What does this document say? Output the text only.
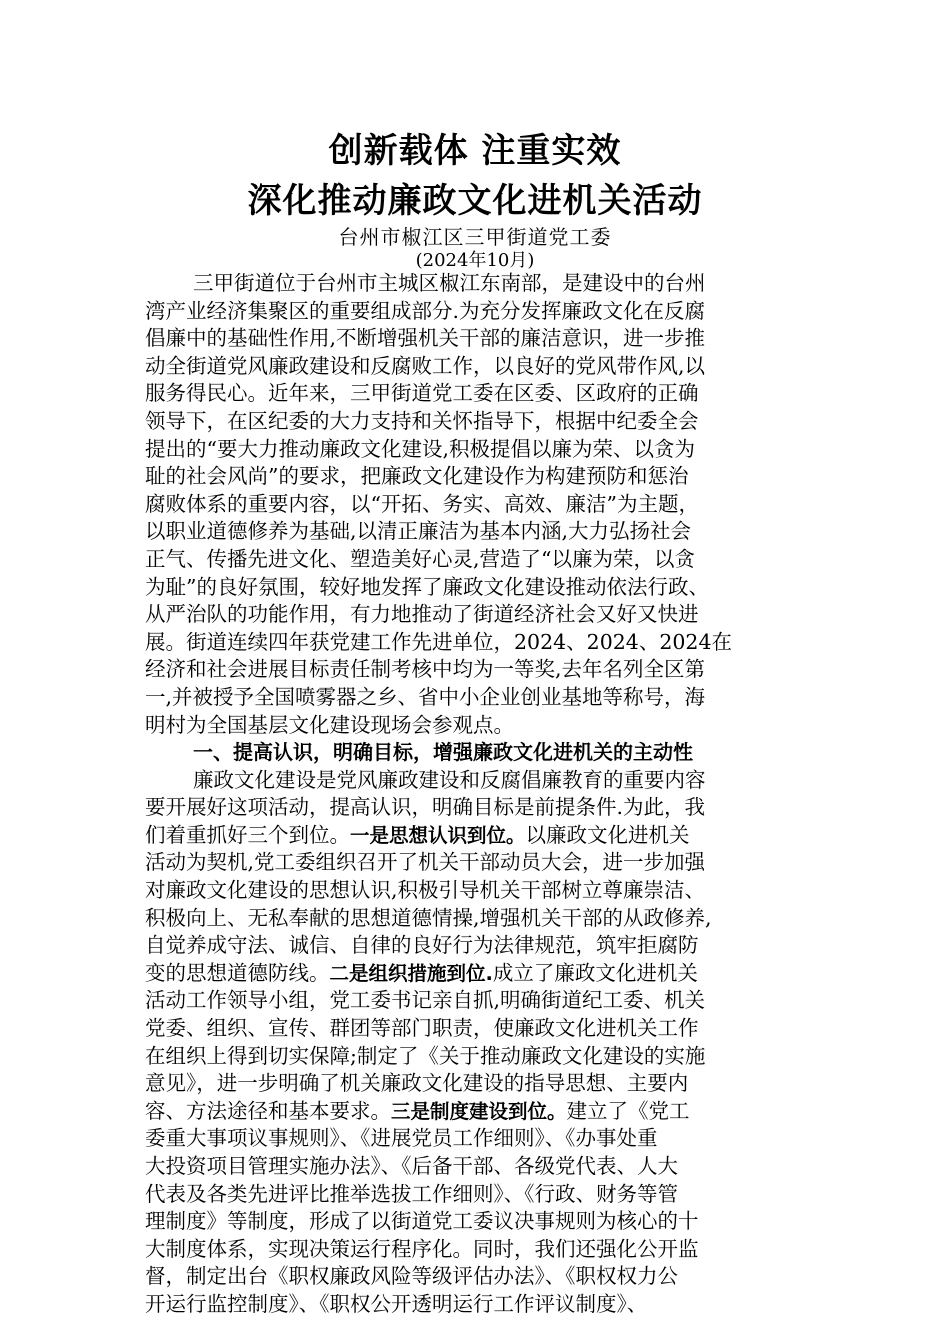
创新载体 注重实效
深化推动廉政文化进机关活动
台州市椒江区三甲街道党工委
(2024年10月)
三甲街道位于台州市主城区椒江东南部，是建设中的台州
湾产业经济集聚区的重要组成部分.为充分发挥廉政文化在反腐
倡廉中的基础性作用,不断增强机关干部的廉洁意识，进一步推
动全街道党风廉政建设和反腐败工作，以良好的党风带作风,以
服务得民心。近年来，三甲街道党工委在区委、区政府的正确
领导下，在区纪委的大力支持和关怀指导下，根据中纪委全会
提出的“要大力推动廉政文化建设,积极提倡以廉为荣、以贪为
耻的社会风尚”的要求，把廉政文化建设作为构建预防和惩治
腐败体系的重要内容，以“开拓、务实、高效、廉洁”为主题，
以职业道德修养为基础,以清正廉洁为基本内涵,大力弘扬社会
正气、传播先进文化、塑造美好心灵,营造了“以廉为荣，以贪
为耻”的良好氛围，较好地发挥了廉政文化建设推动依法行政、
从严治队的功能作用，有力地推动了街道经济社会又好又快进
展。街道连续四年获党建工作先进单位，2024、2024、2024在
经济和社会进展目标责任制考核中均为一等奖,去年名列全区第
一,并被授予全国喷雾器之乡、省中小企业创业基地等称号，海
明村为全国基层文化建设现场会参观点。
一、提高认识，明确目标，增强廉政文化进机关的主动性
廉政文化建设是党风廉政建设和反腐倡廉教育的重要内容
要开展好这项活动，提高认识，明确目标是前提条件.为此，我
们着重抓好三个到位。一是思想认识到位。以廉政文化进机关
活动为契机,党工委组织召开了机关干部动员大会，进一步加强
对廉政文化建设的思想认识,积极引导机关干部树立尊廉崇洁、
积极向上、无私奉献的思想道德情操,增强机关干部的从政修养,
自觉养成守法、诚信、自律的良好行为法律规范，筑牢拒腐防
变的思想道德防线。二是组织措施到位.成立了廉政文化进机关
活动工作领导小组，党工委书记亲自抓,明确街道纪工委、机关
党委、组织、宣传、群团等部门职责，使廉政文化进机关工作
在组织上得到切实保障;制定了《关于推动廉政文化建设的实施
意见》，进一步明确了机关廉政文化建设的指导思想、主要内
容、方法途径和基本要求。三是制度建设到位。建立了《党工
委重大事项议事规则》、《进展党员工作细则》、《办事处重
大投资项目管理实施办法》、《后备干部、各级党代表、人大
代表及各类先进评比推举选拔工作细则》、《行政、财务等管
理制度》等制度，形成了以街道党工委议决事规则为核心的十
大制度体系，实现决策运行程序化。同时，我们还强化公开监
督，制定出台《职权廉政风险等级评估办法》、《职权权力公
开运行监控制度》、《职权公开透明运行工作评议制度》、
